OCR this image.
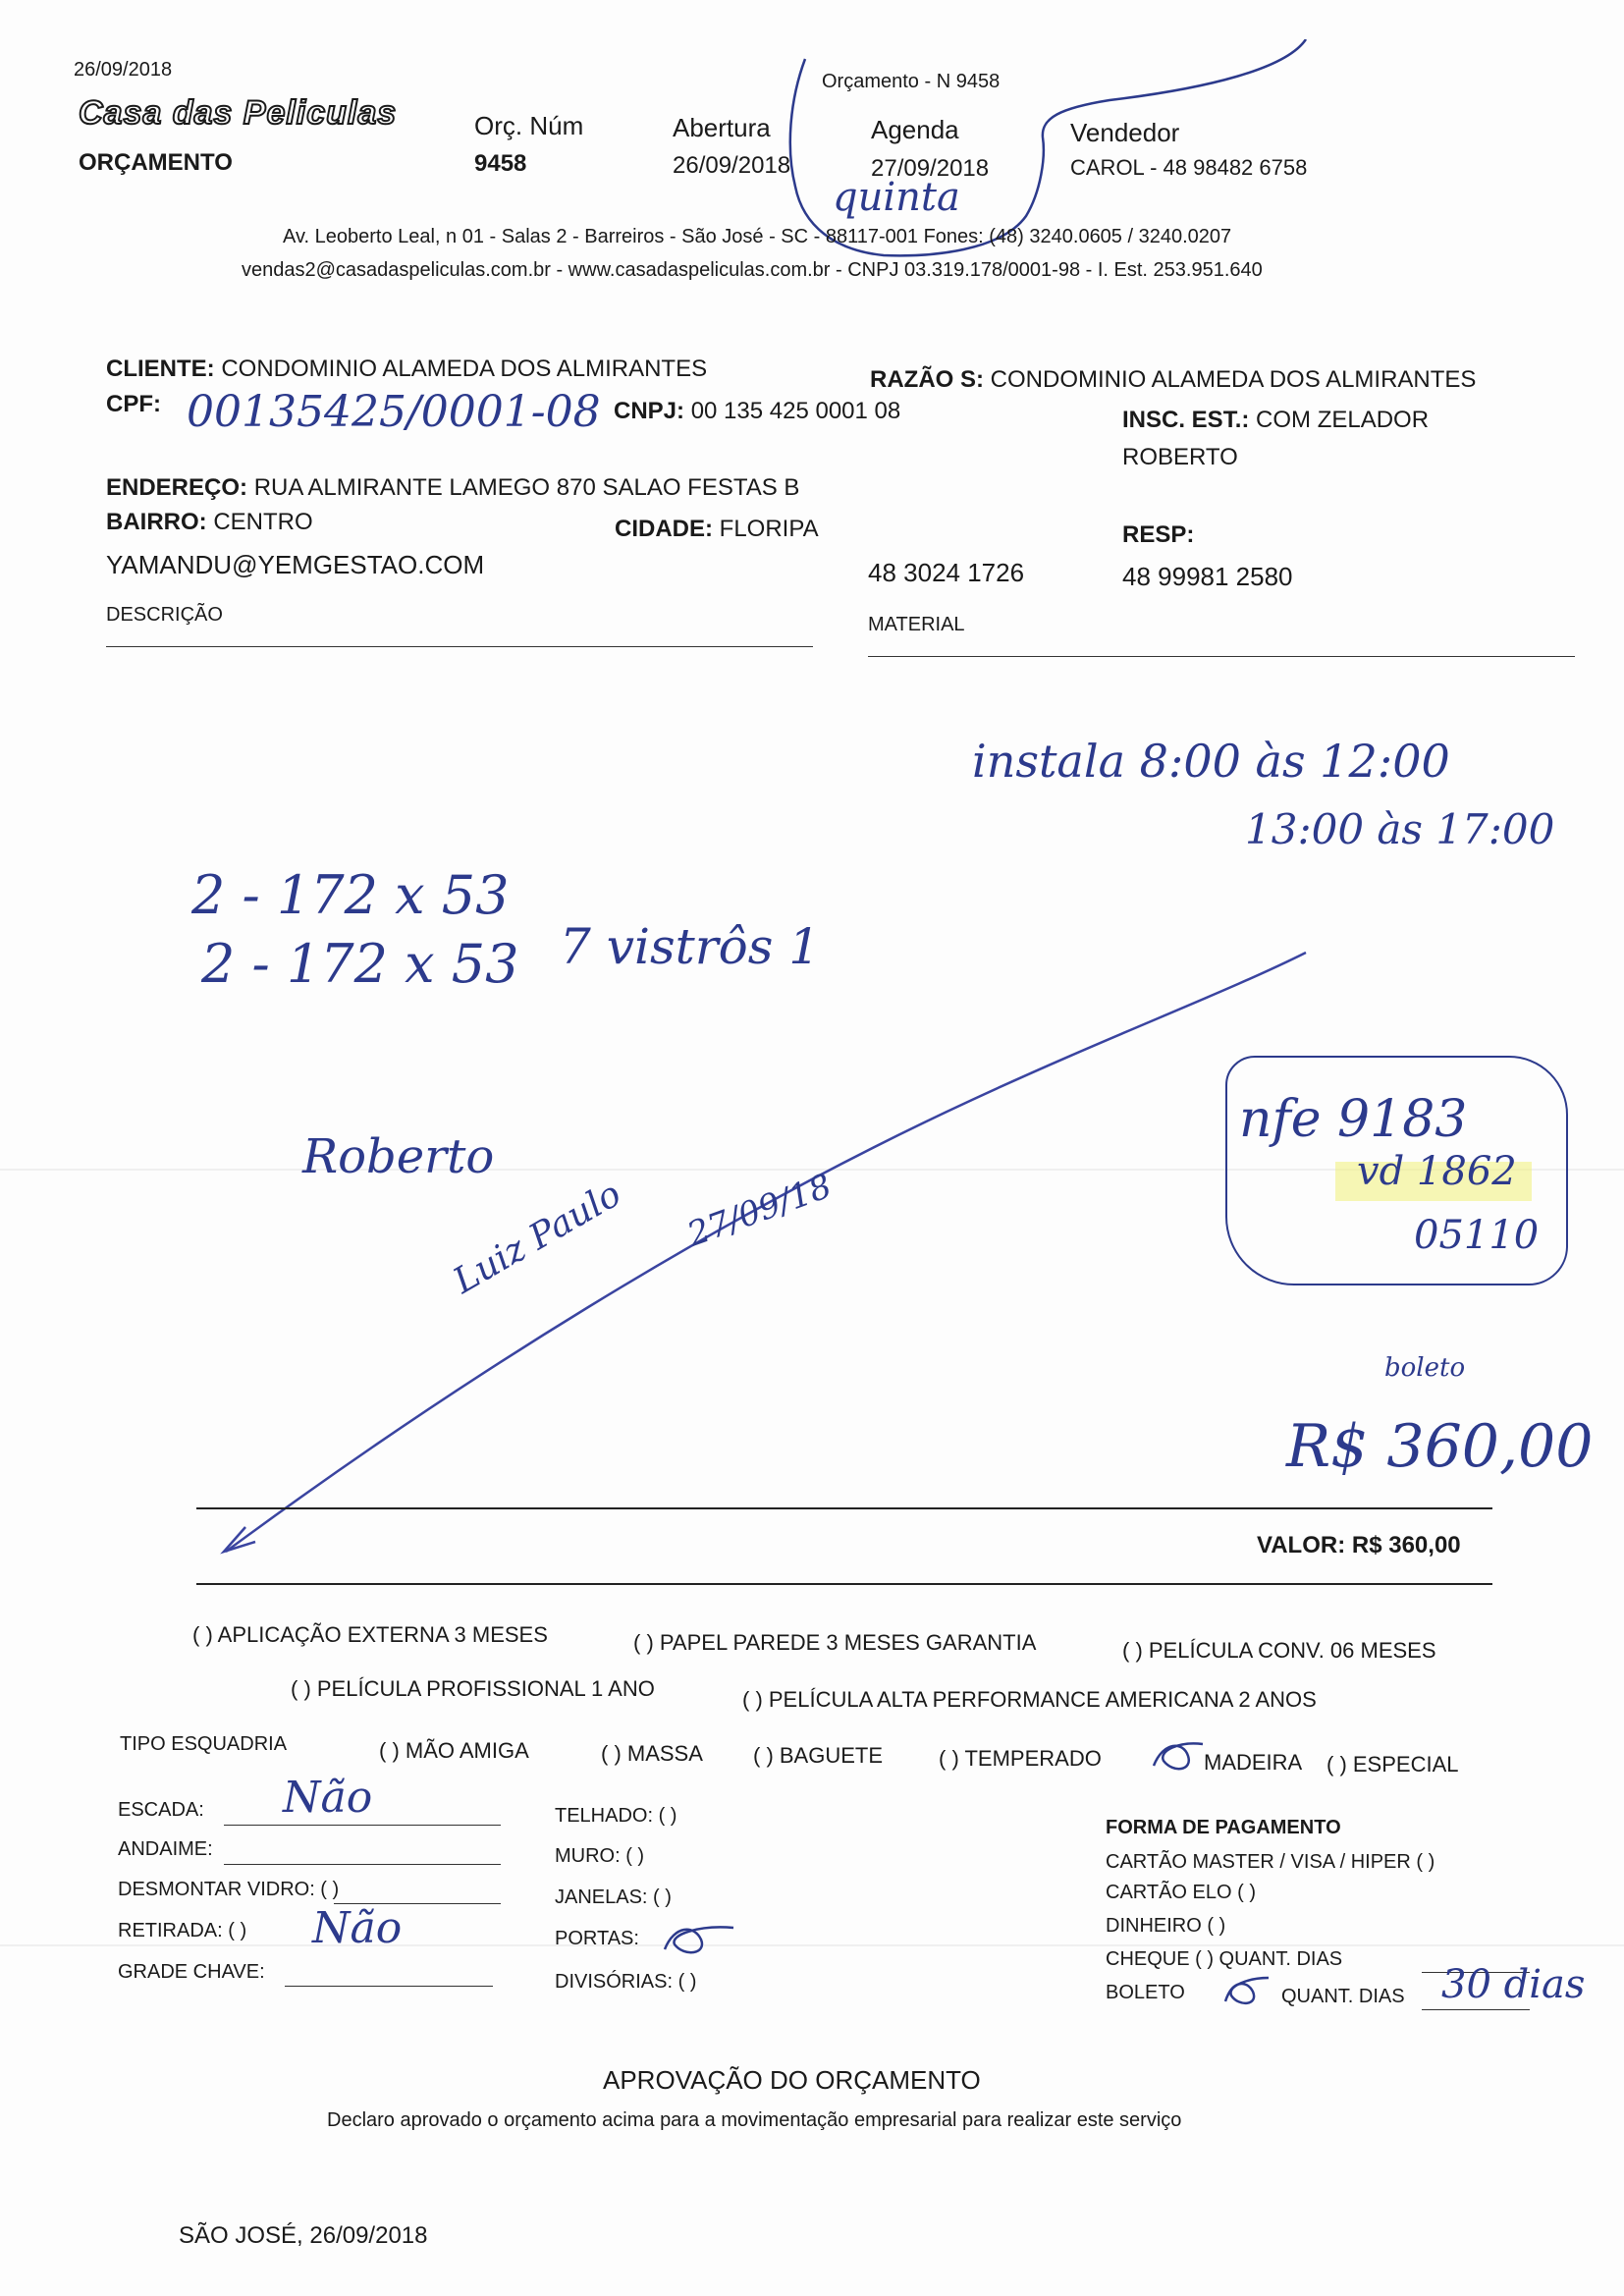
26/09/2018
Casa das Peliculas
ORÇAMENTO
Orç. Núm
9458
Abertura
26/09/2018
Orçamento - N 9458
Agenda
27/09/2018
quinta
Vendedor
CAROL - 48 98482 6758
Av. Leoberto Leal, n 01 - Salas 2 - Barreiros - São José - SC - 88117-001 Fones: (48) 3240.0605 / 3240.0207
vendas2@casadaspeliculas.com.br - www.casadaspeliculas.com.br - CNPJ 03.319.178/0001-98 - I. Est. 253.951.640
CLIENTE: CONDOMINIO ALAMEDA DOS ALMIRANTES	RAZÃO S: CONDOMINIO ALAMEDA DOS ALMIRANTES
CPF: 00135425/0001-08 CNPJ: 00 135 425 0001 08	INSC. EST.: COM ZELADOR
ROBERTO
ENDEREÇO: RUA ALMIRANTE LAMEGO 870 SALAO FESTAS B
BAIRRO: CENTRO	CIDADE: FLORIPA	RESP:
YAMANDU@YEMGESTAO.COM	48 3024 1726	48 99981 2580
DESCRIÇÃO	MATERIAL
instala 8:00 às 12:00
13:00 às 17:00
2 - 172 x 53
2 - 172 x 53 7 vistrôs 1
Roberto
Luiz Paulo 27/09/18
nfe 9183
vd 1862
05110
boleto
R$ 360,00
VALOR: R$ 360,00
( ) APLICAÇÃO EXTERNA 3 MESES	( ) PAPEL PAREDE 3 MESES GARANTIA	( ) PELÍCULA CONV. 06 MESES
( ) PELÍCULA PROFISSIONAL 1 ANO	( ) PELÍCULA ALTA PERFORMANCE AMERICANA 2 ANOS
TIPO ESQUADRIA	( ) MÃO AMIGA	( ) MASSA ( ) BAGUETE	( ) TEMPERADO	MADEIRA ( ) ESPECIAL
ESCADA: Não
ANDAIME:
DESMONTAR VIDRO: ( )
RETIRADA: ( ) Não
GRADE CHAVE:
TELHADO: ( )
MURO: ( )
JANELAS: ( )
PORTAS:
DIVISÓRIAS: ( )
FORMA DE PAGAMENTO
CARTÃO MASTER / VISA / HIPER ( )
CARTÃO ELO ( )
DINHEIRO ( )
CHEQUE ( ) QUANT. DIAS
BOLETO	QUANT. DIAS 30 dias
APROVAÇÃO DO ORÇAMENTO
Declaro aprovado o orçamento acima para a movimentação empresarial para realizar este serviço
SÃO JOSÉ, 26/09/2018
